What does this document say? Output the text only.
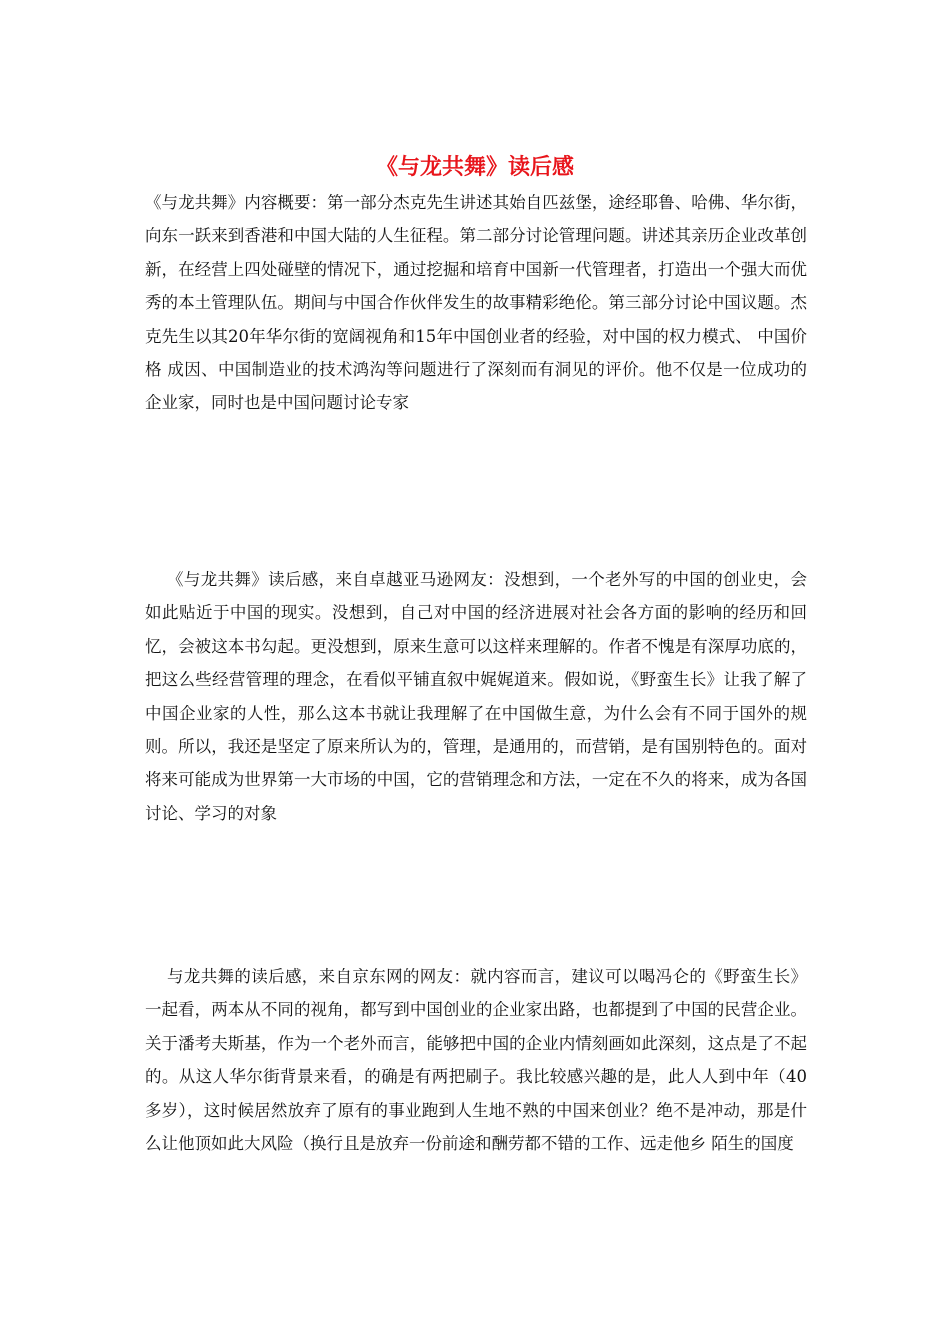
《与龙共舞》读后感

《与龙共舞》内容概要：第一部分杰克先生讲述其始自匹兹堡，途经耶鲁、哈佛、华尔街，向东一跃来到香港和中国大陆的人生征程。第二部分讨论管理问题。讲述其亲历企业改革创新，在经营上四处碰壁的情况下，通过挖掘和培育中国新一代管理者，打造出一个强大而优秀的本土管理队伍。期间与中国合作伙伴发生的故事精彩绝伦。第三部分讨论中国议题。杰克先生以其20年华尔街的宽阔视角和15年中国创业者的经验，对中国的权力模式、 中国价格 成因、中国制造业的技术鸿沟等问题进行了深刻而有洞见的评价。他不仅是一位成功的企业家，同时也是中国问题讨论专家

《与龙共舞》读后感，来自卓越亚马逊网友：没想到，一个老外写的中国的创业史，会如此贴近于中国的现实。没想到，自己对中国的经济进展对社会各方面的影响的经历和回忆，会被这本书勾起。更没想到，原来生意可以这样来理解的。作者不愧是有深厚功底的，把这么些经营管理的理念，在看似平铺直叙中娓娓道来。假如说，《野蛮生长》让我了解了中国企业家的人性，那么这本书就让我理解了在中国做生意，为什么会有不同于国外的规则。所以，我还是坚定了原来所认为的，管理，是通用的，而营销，是有国别特色的。面对将来可能成为世界第一大市场的中国，它的营销理念和方法，一定在不久的将来，成为各国讨论、学习的对象

与龙共舞的读后感，来自京东网的网友：就内容而言，建议可以喝冯仑的《野蛮生长》一起看，两本从不同的视角，都写到中国创业的企业家出路，也都提到了中国的民营企业。关于潘考夫斯基，作为一个老外而言，能够把中国的企业内情刻画如此深刻，这点是了不起的。从这人华尔街背景来看，的确是有两把刷子。我比较感兴趣的是，此人人到中年（40多岁），这时候居然放弃了原有的事业跑到人生地不熟的中国来创业？绝不是冲动，那是什么让他顶如此大风险（换行且是放弃一份前途和酬劳都不错的工作、远走他乡 陌生的国度
